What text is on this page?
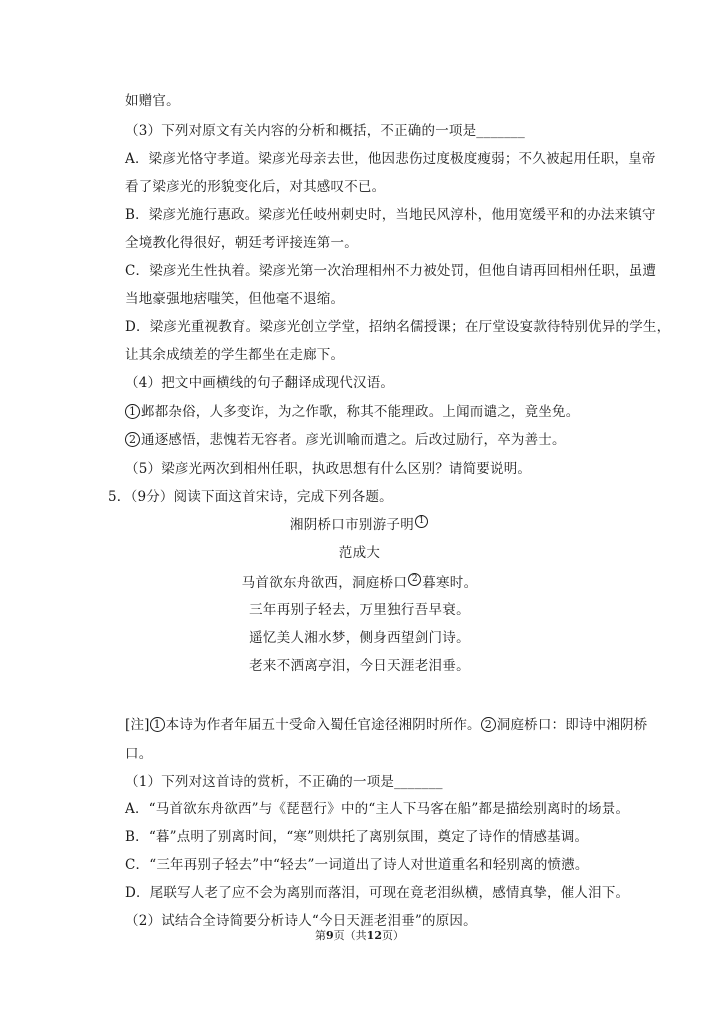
如赠官。
（3）下列对原文有关内容的分析和概括，不正确的一项是_______
A．梁彦光恪守孝道。梁彦光母亲去世，他因悲伤过度极度瘦弱；不久被起用任职，皇帝
看了梁彦光的形貌变化后，对其感叹不已。
B．梁彦光施行惠政。梁彦光任岐州刺史时，当地民风淳朴，他用宽缓平和的办法来镇守
全境教化得很好，朝廷考评接连第一。
C．梁彦光生性执着。梁彦光第一次治理相州不力被处罚，但他自请再回相州任职，虽遭
当地豪强地痞嗤笑，但他毫不退缩。
D．梁彦光重视教育。梁彦光创立学堂，招纳名儒授课；在厅堂设宴款待特别优异的学生，
让其余成绩差的学生都坐在走廊下。
（4）把文中画横线的句子翻译成现代汉语。
1 邺都杂俗，人多变诈，为之作歌，称其不能理政。上闻而谴之，竟坐免。
2 通逐感悟，悲愧若无容者。彦光训喻而遣之。后改过励行，卒为善士。
（5）梁彦光两次到相州任职，执政思想有什么区别？请简要说明。
5．（9分）阅读下面这首宋诗，完成下列各题。
湘阴桥口市别游子明 1
范成大
马首欲东舟欲西，洞庭桥口 2 暮寒时。
三年再别子轻去，万里独行吾早衰。
遥忆美人湘水梦，侧身西望剑门诗。
老来不洒离亭泪，今日天涯老泪垂。
[注] 1 本诗为作者年届五十受命入蜀任官途径湘阴时所作。 2 洞庭桥口：即诗中湘阴桥
口。
（1）下列对这首诗的赏析，不正确的一项是_______
A．“马首欲东舟欲西”与《琵琶行》中的“主人下马客在船”都是描绘别离时的场景。
B．“暮”点明了别离时间，“寒”则烘托了离别氛围，奠定了诗作的情感基调。
C．“三年再别子轻去”中“轻去”一词道出了诗人对世道重名和轻别离的愤懑。
D．尾联写人老了应不会为离别而落泪，可现在竟老泪纵横，感情真挚，催人泪下。
（2）试结合全诗简要分析诗人“今日天涯老泪垂”的原因。
第9页（共12页）
